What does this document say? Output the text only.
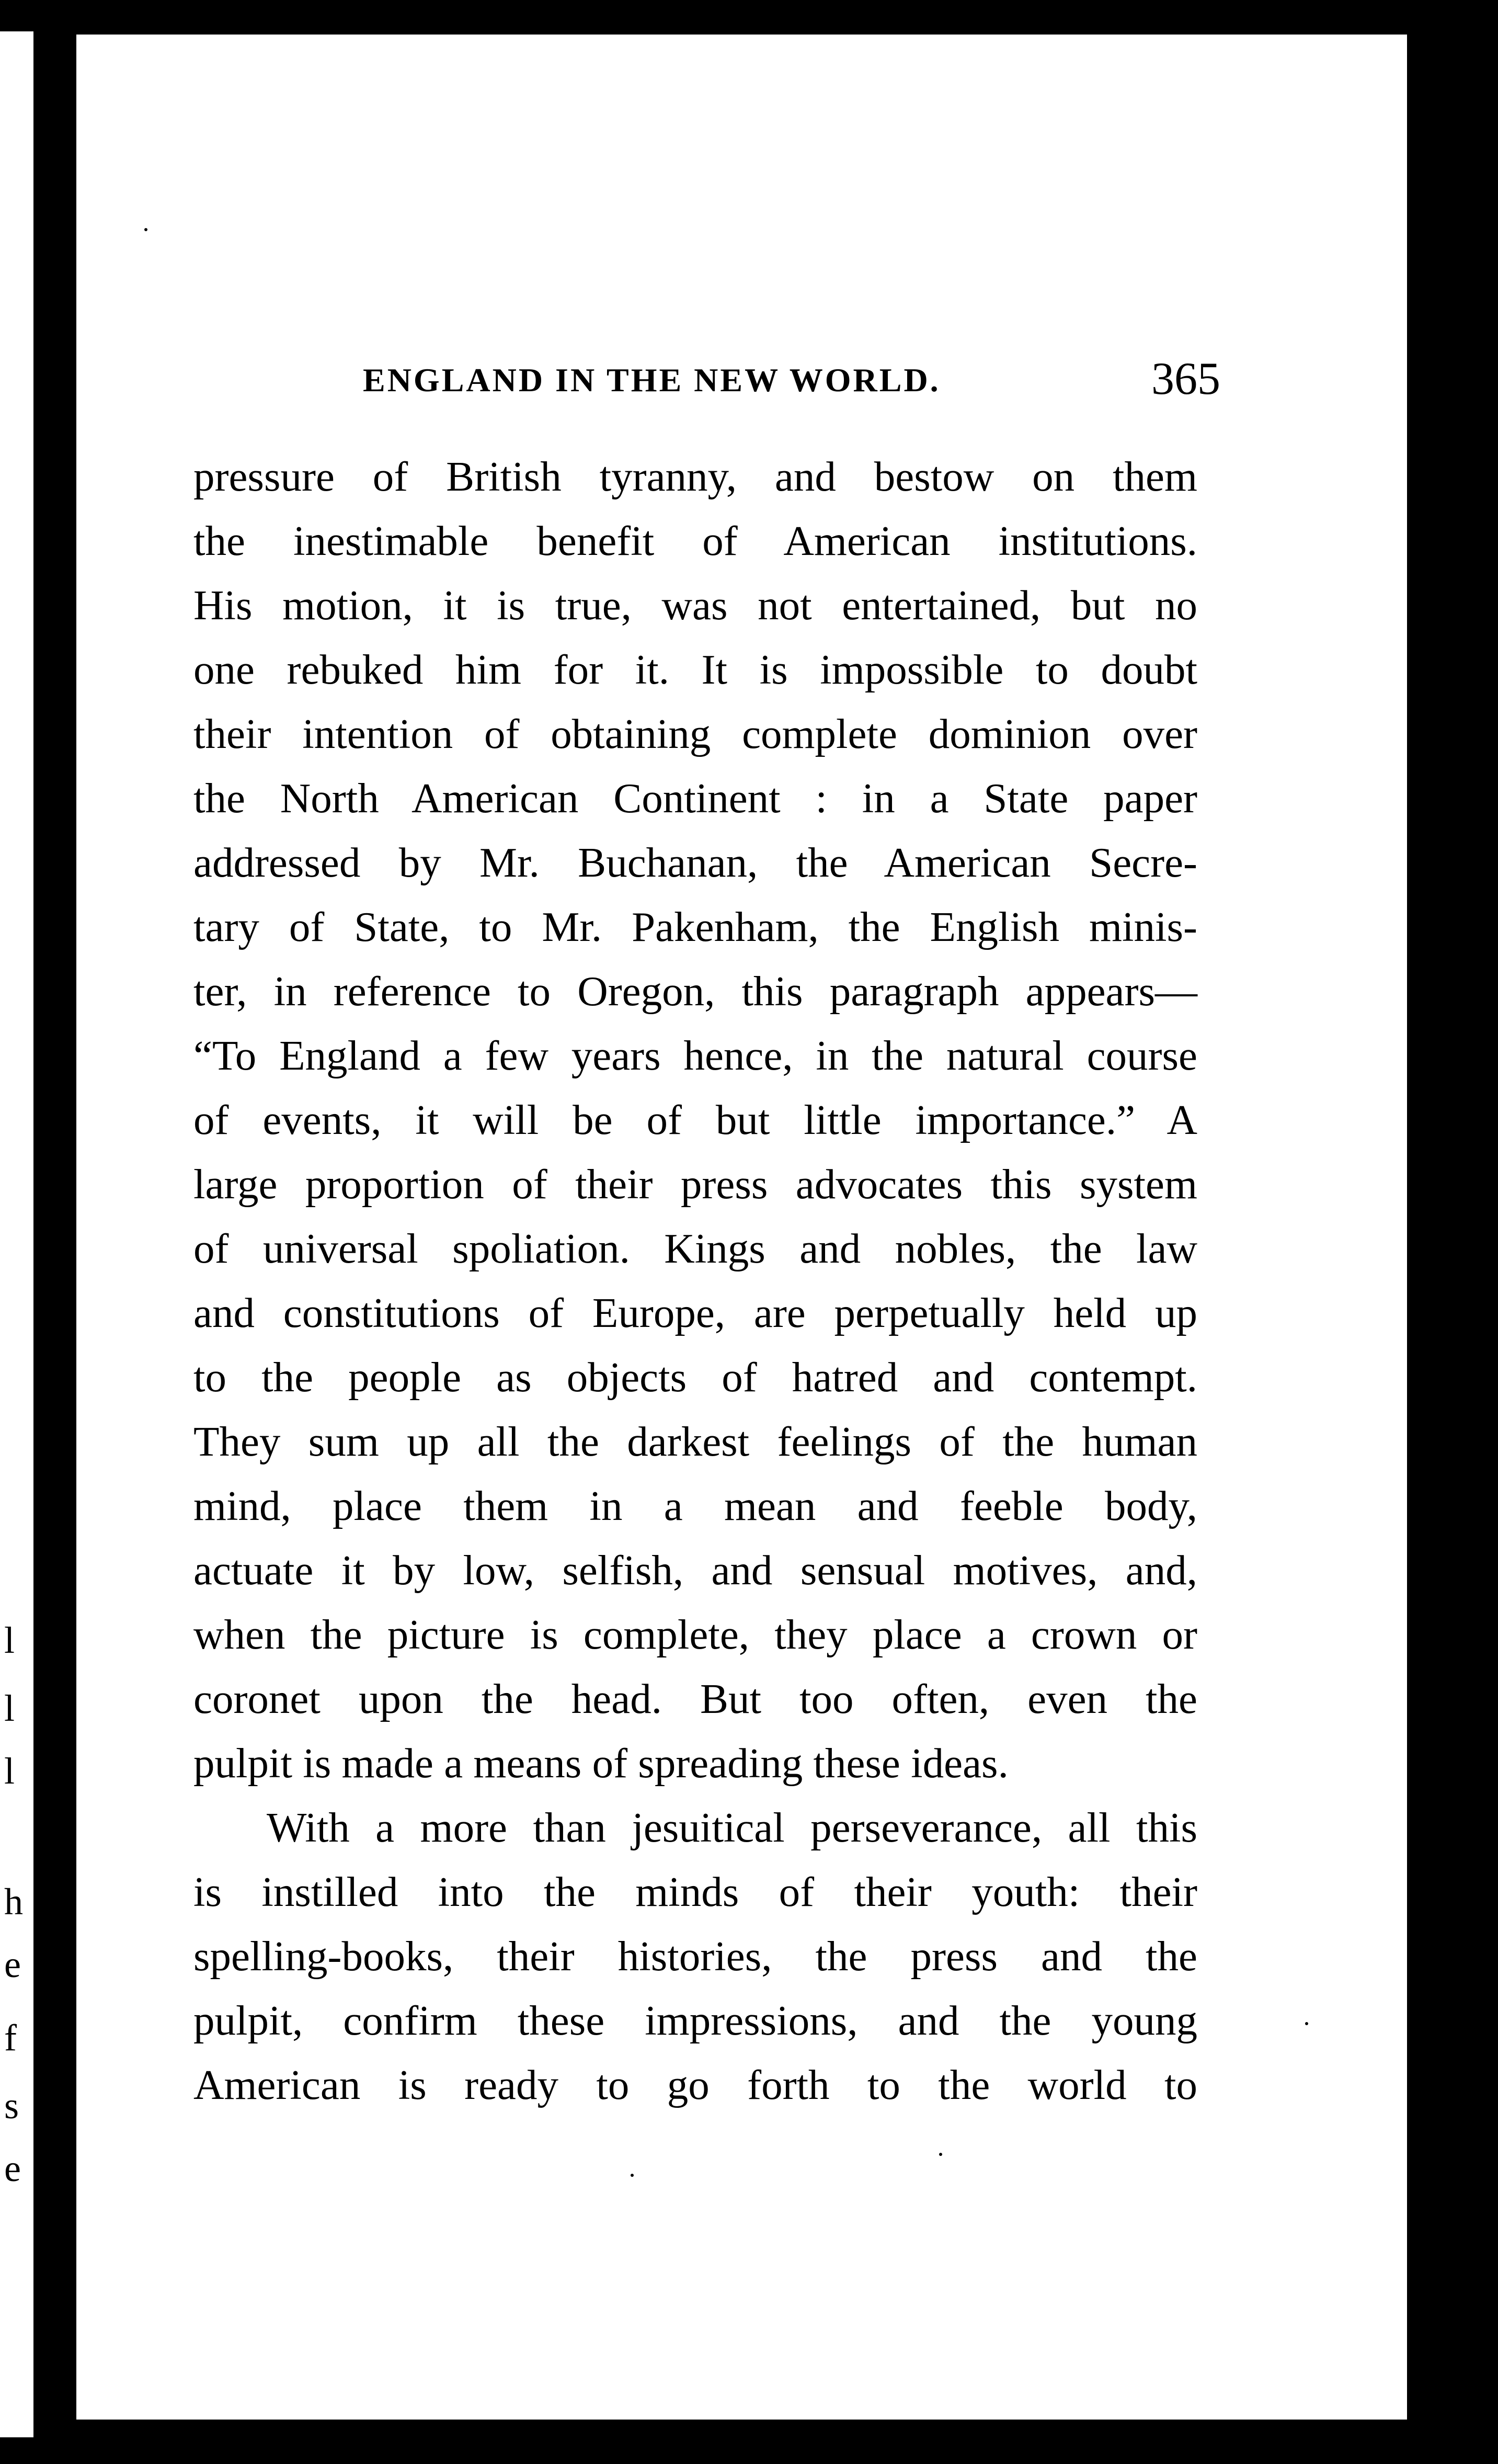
l
l
l
h
e
f
s
e
ENGLAND IN THE NEW WORLD.	365
pressure of British tyranny, and bestow on them
the inestimable benefit of American institutions.
His motion, it is true, was not entertained, but no
one rebuked him for it. It is impossible to doubt
their intention of obtaining complete dominion over
the North American Continent : in a State paper
addressed by Mr. Buchanan, the American Secre-
tary of State, to Mr. Pakenham, the English minis-
ter, in reference to Oregon, this paragraph appears—
“To England a few years hence, in the natural course
of events, it will be of but little importance.” A
large proportion of their press advocates this system
of universal spoliation. Kings and nobles, the law
and constitutions of Europe, are perpetually held up
to the people as objects of hatred and contempt.
They sum up all the darkest feelings of the human
mind, place them in a mean and feeble body,
actuate it by low, selfish, and sensual motives, and,
when the picture is complete, they place a crown or
coronet upon the head. But too often, even the
pulpit is made a means of spreading these ideas.
With a more than jesuitical perseverance, all this
is instilled into the minds of their youth: their
spelling-books, their histories, the press and the
pulpit, confirm these impressions, and the young
American is ready to go forth to the world to
